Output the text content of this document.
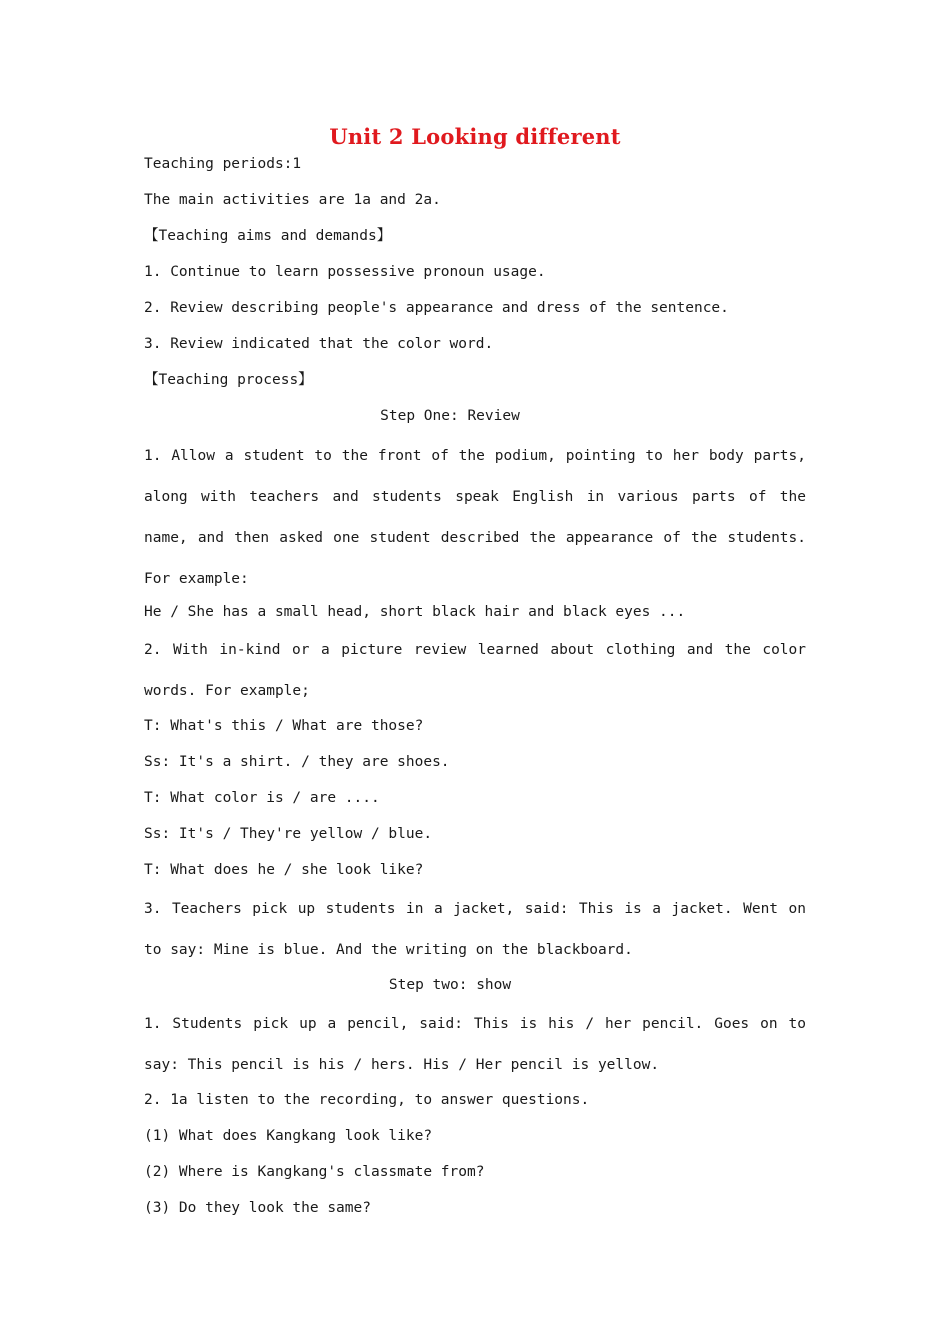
Unit 2 Looking different

Teaching periods:1

The main activities are 1a and 2a.

【Teaching aims and demands】

1. Continue to learn possessive pronoun usage.

2. Review describing people's appearance and dress of the sentence.

3. Review indicated that the color word.

【Teaching process】

Step One: Review

1. Allow a student to the front of the podium, pointing to her body parts, along with teachers and students speak English in various parts of the name, and then asked one student described the appearance of the students. For example:

He / She has a small head, short black hair and black eyes ...

2. With in-kind or a picture review learned about clothing and the color words. For example;

T: What's this / What are those?

Ss: It's a shirt. / they are shoes.

T: What color is / are ....

Ss: It's / They're yellow / blue.

T: What does he / she look like?

3. Teachers pick up students in a jacket, said: This is a jacket. Went on to say: Mine is blue. And the writing on the blackboard.

Step two: show

1. Students pick up a pencil, said: This is his / her pencil. Goes on to say: This pencil is his / hers. His / Her pencil is yellow.

2. 1a listen to the recording, to answer questions.

(1) What does Kangkang look like?

(2) Where is Kangkang's classmate from?

(3) Do they look the same?
